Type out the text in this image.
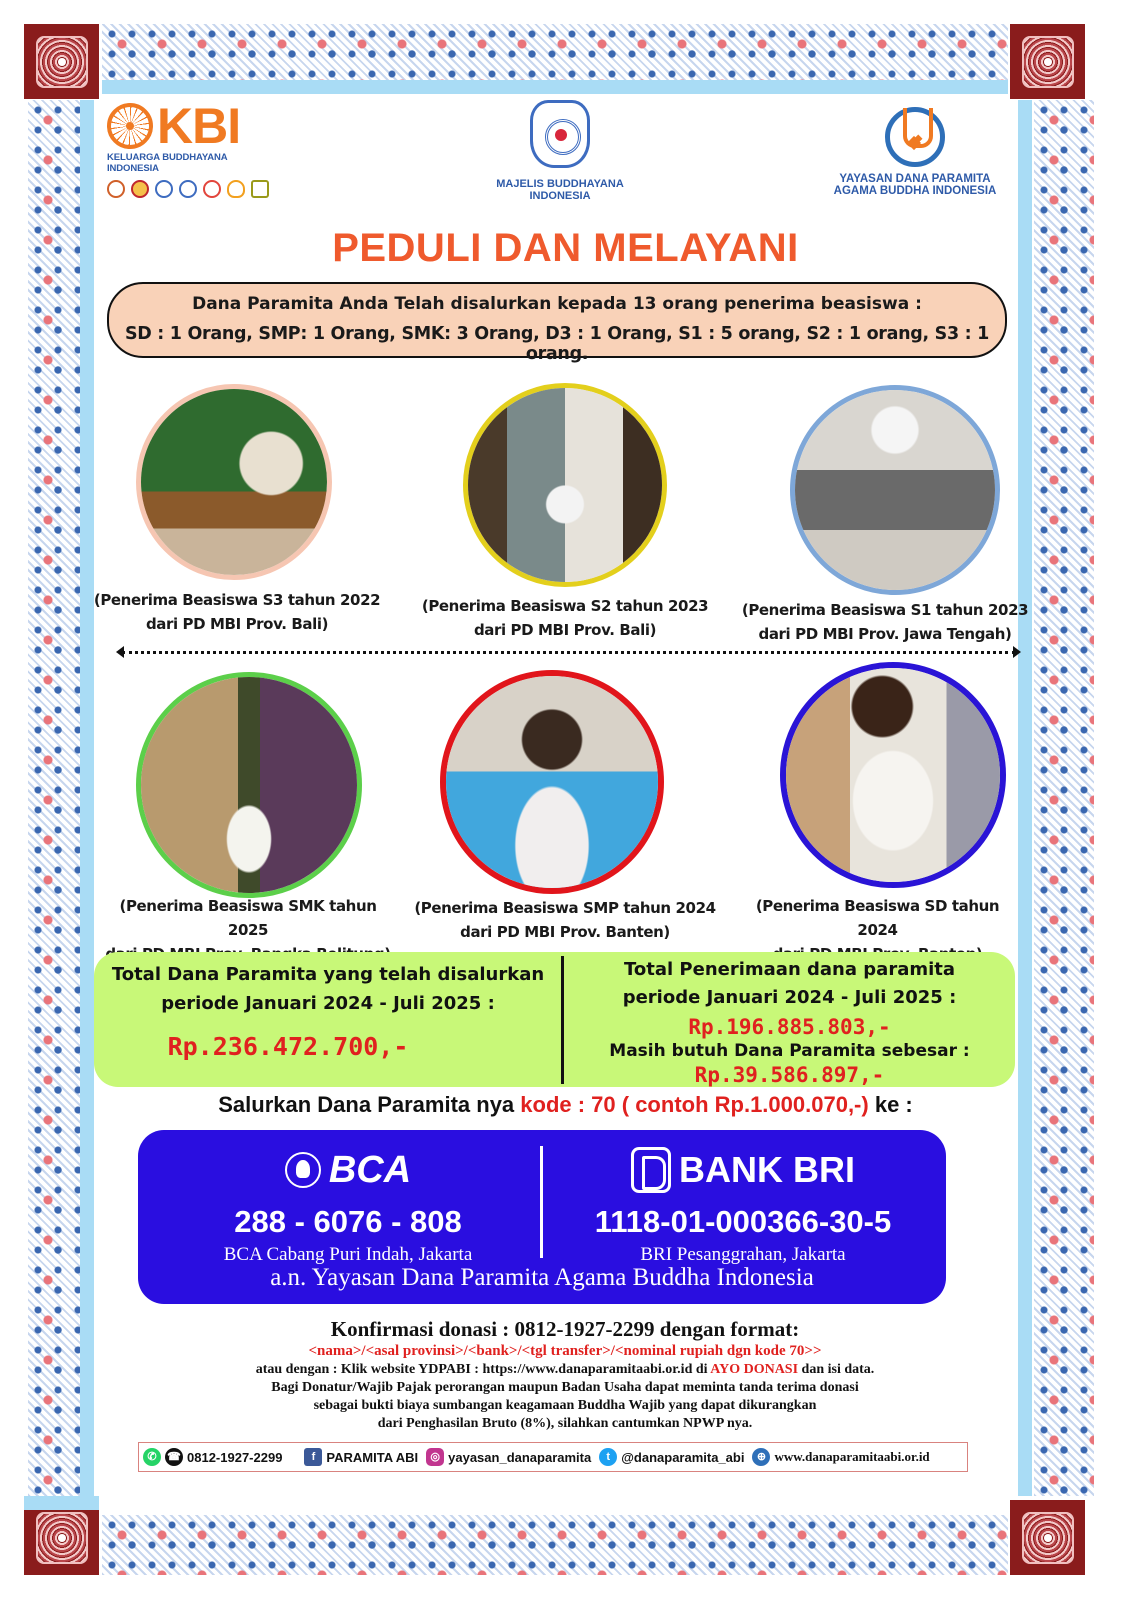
KBI
KELUARGA BUDDHAYANA INDONESIA
MAJELIS BUDDHAYANA INDONESIA
YAYASAN DANA PARAMITA
AGAMA BUDDHA INDONESIA
PEDULI DAN MELAYANI
Dana Paramita Anda Telah disalurkan kepada 13 orang penerima beasiswa :
SD : 1 Orang, SMP: 1 Orang, SMK: 3 Orang, D3 : 1 Orang, S1 : 5 orang, S2 : 1 orang, S3 : 1 orang.
(Penerima Beasiswa S3 tahun 2022
dari PD MBI Prov. Bali)
(Penerima Beasiswa S2 tahun 2023
dari PD MBI Prov. Bali)
(Penerima Beasiswa S1 tahun 2023
dari PD MBI Prov. Jawa Tengah)
(Penerima Beasiswa SMK tahun 2025
(Penerima Beasiswa SMP tahun 2024
dari PD MBI Prov. Banten)
(Penerima Beasiswa SD tahun 2024
Total Dana Paramita yang telah disalurkan
periode Januari 2024 - Juli 2025 :
Rp.236.472.700,-
Total Penerimaan dana paramita
periode Januari 2024 - Juli 2025 :
Rp.196.885.803,-
Masih butuh Dana Paramita sebesar :
Rp.39.586.897,-
Salurkan Dana Paramita nya kode : 70 ( contoh Rp.1.000.070,-) ke :
BCA
288 - 6076 - 808
BCA Cabang Puri Indah, Jakarta
BANK BRI
1118-01-000366-30-5
BRI Pesanggrahan, Jakarta
a.n. Yayasan Dana Paramita Agama Buddha Indonesia
Konfirmasi donasi : 0812-1927-2299 dengan format:
<nama>/<asal provinsi>/<bank>/<tgl transfer>/<nominal rupiah dgn kode 70>>
atau dengan : Klik website YDPABI : https://www.danaparamitaabi.or.id di AYO DONASI dan isi data.
Bagi Donatur/Wajib Pajak perorangan maupun Badan Usaha dapat meminta tanda terima donasi
sebagai bukti biaya sumbangan keagamaan Buddha Wajib yang dapat dikurangkan
dari Penghasilan Bruto (8%), silahkan cantumkan NPWP nya.
✆ ☎ 0812-1927-2299	f PARAMITA ABI	◎ yayasan_danaparamita	t @danaparamita_abi	⊕ www.danaparamitaabi.or.id
